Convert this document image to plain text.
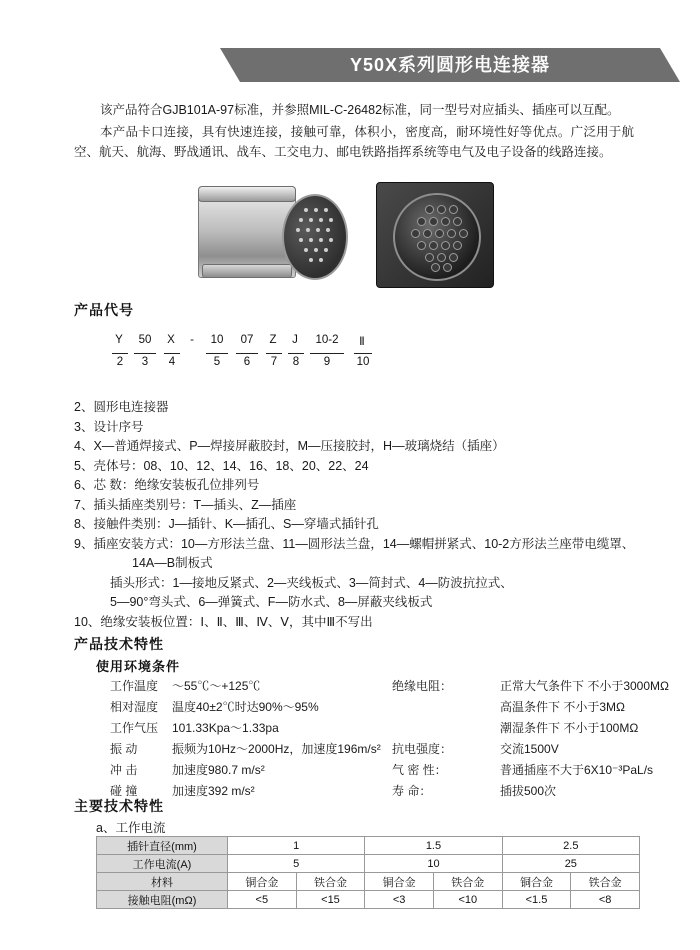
Y50X系列圆形电连接器

该产品符合GJB101A-97标准，并参照MIL-C-26482标准，同一型号对应插头、插座可以互配。

本产品卡口连接，具有快速连接，接触可靠，体积小，密度高，耐环境性好等优点。广泛用于航空、航天、航海、野战通讯、战车、工交电力、邮电铁路指挥系统等电气及电子设备的线路连接。

产品代号
Y	50	X	-	10	07	Z	J	10-2	Ⅱ
2	3	4	5	6	7	8	9	10
2、圆形电连接器
3、设计序号
4、X—普通焊接式、P—焊接屏蔽胶封，M—压接胶封，H—玻璃烧结（插座）
5、壳体号：08、10、12、14、16、18、20、22、24
6、芯 数：绝缘安装板孔位排列号
7、插头插座类别号：T—插头、Z—插座
8、接触件类别：J—插针、K—插孔、S—穿墙式插针孔
9、插座安装方式：10—方形法兰盘、11—圆形法兰盘，14—螺帽拼紧式、10-2方形法兰座带电缆罩、
14A—B制板式
插头形式：1—接地反紧式、2—夹线板式、3—简封式、4—防波抗拉式、
5—90°弯头式、6—弹簧式、F—防水式、8—屏蔽夹线板式
10、绝缘安装板位置：Ⅰ、Ⅱ、Ⅲ、Ⅳ、Ⅴ，其中Ⅲ不写出
产品技术特性
使用环境条件
工作温度	～55℃～+125℃	绝缘电阻：	正常大气条件下 不小于3000MΩ
相对湿度	温度40±2℃时达90%～95%	高温条件下 不小于3MΩ
工作气压	101.33Kpa～1.33pa	潮湿条件下 不小于100MΩ
振 动	振频为10Hz～2000Hz，加速度196m/s² 抗电强度：	交流1500V
冲 击	加速度980.7 m/s²	气 密 性：	普通插座不大于6X10⁻³PaL/s
碰 撞	加速度392 m/s²	寿 命：	插拔500次
主要技术特性
a、工作电流
插针直径(mm)	1		1.5		2.5	
工作电流(A)	5		10		25	
材料	铜合金	铁合金	铜合金	铁合金	铜合金	铁合金
接触电阻(mΩ)	<5	<15	<3	<10	<1.5	<8
